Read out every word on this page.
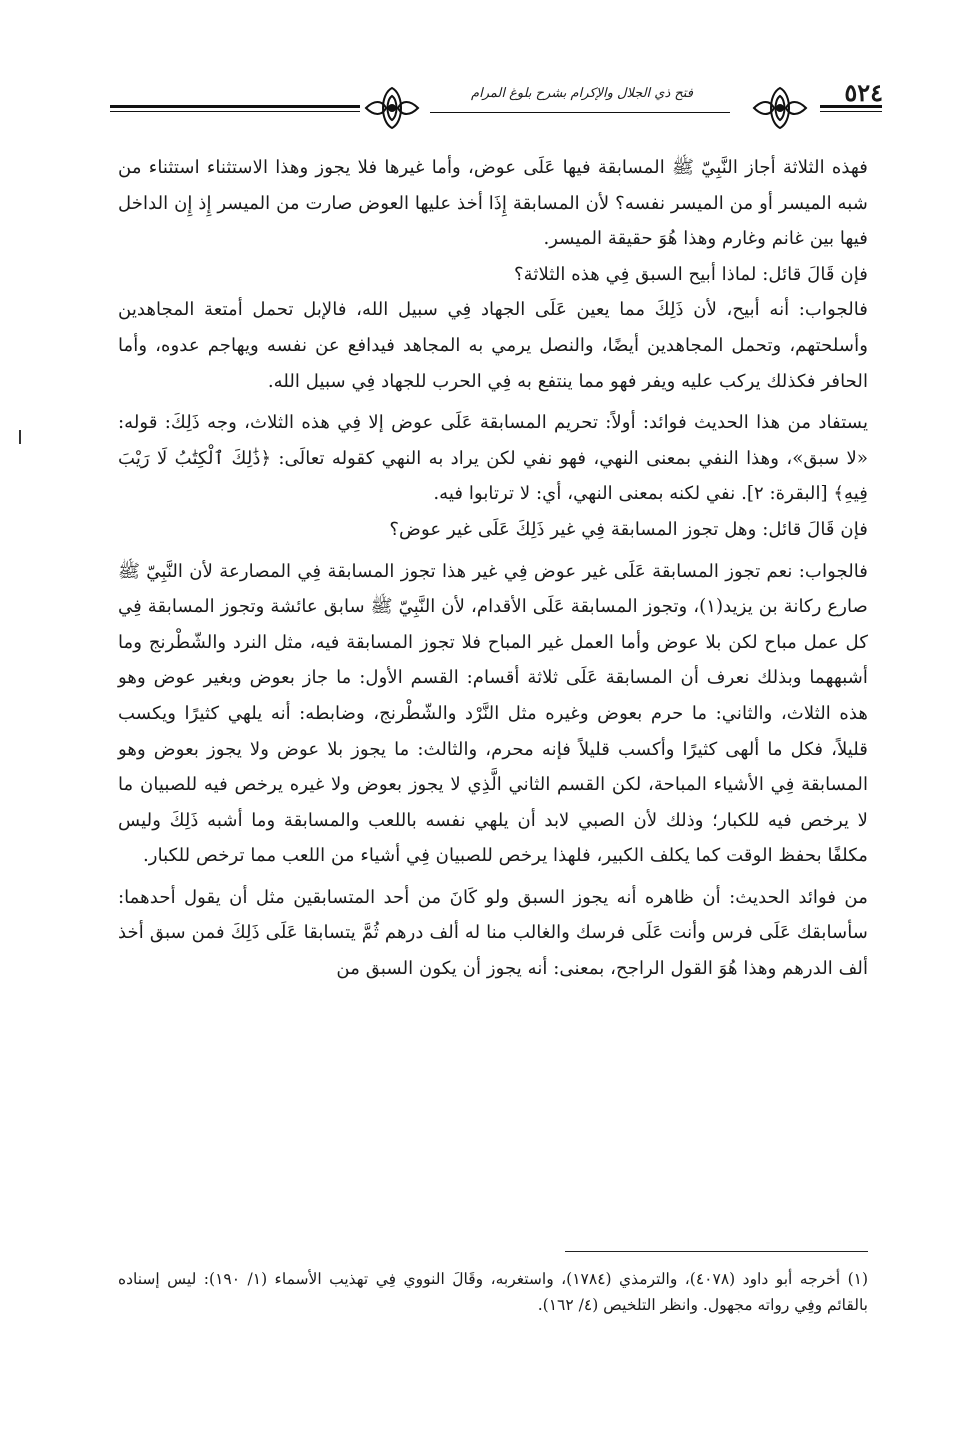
فتح ذي الجلال والإكرام بشرح بلوغ المرام	٥٢٤

فهذه الثلاثة أجاز النَّبِيّ ﷺ المسابقة فيها عَلَى عوض، وأما غيرها فلا يجوز وهذا الاستثناء استثناء من شبه الميسر أو من الميسر نفسه؟ لأن المسابقة إِذَا أخذ عليها العوض صارت من الميسر إِذ إِن الداخل فيها بين غانم وغارم وهذا هُوَ حقيقة الميسر.

فإن قَالَ قائل: لماذا أبيح السبق فِي هذه الثلاثة؟

فالجواب: أنه أبيح، لأن ذَلِكَ مما يعين عَلَى الجهاد فِي سبيل الله، فالإبل تحمل أمتعة المجاهدين وأسلحتهم، وتحمل المجاهدين أيضًا، والنصل يرمي به المجاهد فيدافع عن نفسه ويهاجم عدوه، وأما الحافر فكذلك يركب عليه ويفر فهو مما ينتفع به فِي الحرب للجهاد فِي سبيل الله.

يستفاد من هذا الحديث فوائد: أولاً: تحريم المسابقة عَلَى عوض إلا فِي هذه الثلاث، وجه ذَلِكَ: قوله: «لا سبق»، وهذا النفي بمعنى النهي، فهو نفي لكن يراد به النهي كقوله تعالَى: ﴿ذَٰلِكَ ٱلْكِتَٰبُ لَا رَيْبَ فِيهِ﴾ [البقرة: ٢]. نفي لكنه بمعنى النهي، أي: لا ترتابوا فيه.

فإن قَالَ قائل: وهل تجوز المسابقة فِي غير ذَلِكَ عَلَى غير عوض؟

فالجواب: نعم تجوز المسابقة عَلَى غير عوض فِي غير هذا تجوز المسابقة فِي المصارعة لأن النَّبِيّ ﷺ صارع ركانة بن يزيد(١)، وتجوز المسابقة عَلَى الأقدام، لأن النَّبِيّ ﷺ سابق عائشة وتجوز المسابقة فِي كل عمل مباح لكن بلا عوض وأما العمل غير المباح فلا تجوز المسابقة فيه، مثل النرد والشّطْرنج وما أشبههما وبذلك نعرف أن المسابقة عَلَى ثلاثة أقسام: القسم الأول: ما جاز بعوض وبغير عوض وهو هذه الثلاث، والثاني: ما حرم بعوض وغيره مثل النَّرْد والشّطْرنج، وضابطه: أنه يلهي كثيرًا ويكسب قليلاً، فكل ما ألهى كثيرًا وأكسب قليلاً فإنه محرم، والثالث: ما يجوز بلا عوض ولا يجوز بعوض وهو المسابقة فِي الأشياء المباحة، لكن القسم الثاني الَّذِي لا يجوز بعوض ولا غيره يرخص فيه للصبيان ما لا يرخص فيه للكبار؛ وذلك لأن الصبي لابد أن يلهي نفسه باللعب والمسابقة وما أشبه ذَلِكَ وليس مكلفًا بحفظ الوقت كما يكلف الكبير، فلهذا يرخص للصبيان فِي أشياء من اللعب مما ترخص للكبار.

من فوائد الحديث: أن ظاهره أنه يجوز السبق ولو كَانَ من أحد المتسابقين مثل أن يقول أحدهما: سأسابقك عَلَى فرس وأنت عَلَى فرسك والغالب منا له ألف درهم ثُمَّ يتسابقا عَلَى ذَلِكَ فمن سبق أخذ ألف الدرهم وهذا هُوَ القول الراجح، بمعنى: أنه يجوز أن يكون السبق من

(١) أخرجه أبو داود (٤٠٧٨)، والترمذي (١٧٨٤)، واستغربه، وقَالَ النووي فِي تهذيب الأسماء (١/ ١٩٠): ليس إسناده بالقائم وفِي رواته مجهول. وانظر التلخيص (٤/ ١٦٢).
